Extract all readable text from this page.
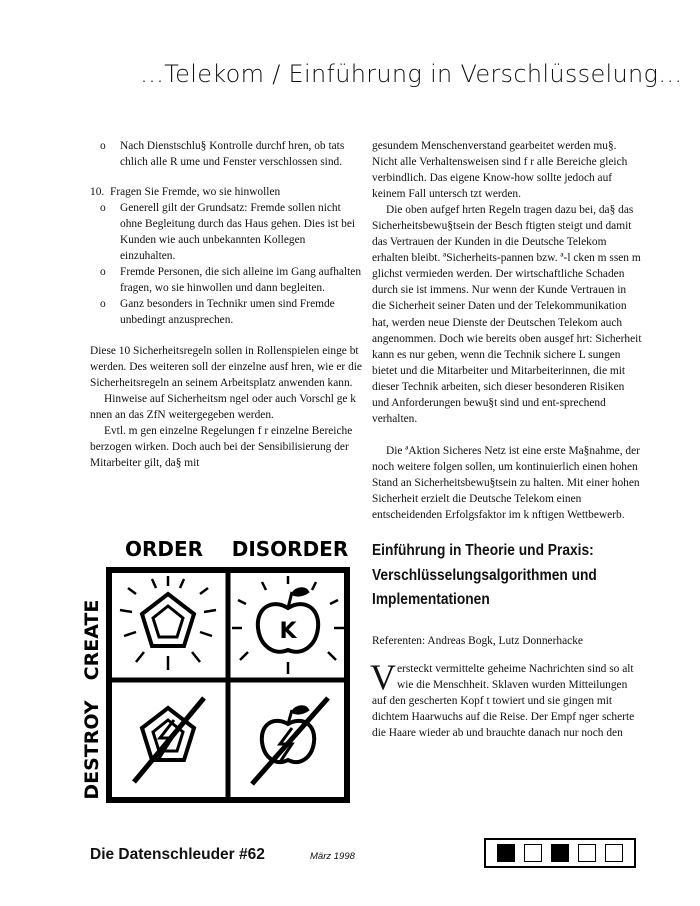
…Telekom / Einführung in Verschlüsselung…
o Nach Dienstschlu§ Kontrolle durchf hren, ob tats chlich alle R ume und Fenster verschlossen sind.
10. Fragen Sie Fremde, wo sie hinwollen
o Generell gilt der Grundsatz: Fremde sollen nicht ohne Begleitung durch das Haus gehen. Dies ist bei Kunden wie auch unbekannten Kollegen einzuhalten.
o Fremde Personen, die sich alleine im Gang aufhalten fragen, wo sie hinwollen und dann begleiten.
o Ganz besonders in Technikr umen sind Fremde unbedingt anzusprechen.

Diese 10 Sicherheitsregeln sollen in Rollenspielen einge bt werden. Des weiteren soll der einzelne ausf hren, wie er die Sicherheitsregeln an seinem Arbeitsplatz anwenden kann.

Hinweise auf Sicherheitsm ngel oder auch Vorschl ge k nnen an das ZfN weitergegeben werden.

Evtl. m gen einzelne Regelungen f r einzelne Bereiche berzogen wirken. Doch auch bei der Sensibilisierung der Mitarbeiter gilt, da§ mit

ORDER DISORDER
CREATE
DESTROY
K

gesundem Menschenverstand gearbeitet werden mu§. Nicht alle Verhaltensweisen sind f r alle Bereiche gleich verbindlich. Das eigene Know-how sollte jedoch auf keinem Fall untersch tzt werden.

Die oben aufgef hrten Regeln tragen dazu bei, da§ das Sicherheitsbewu§tsein der Besch ftigten steigt und damit das Vertrauen der Kunden in die Deutsche Telekom erhalten bleibt. ªSicherheits-pannen bzw. ª-l cken m ssen m glichst vermieden werden. Der wirtschaftliche Schaden durch sie ist immens. Nur wenn der Kunde Vertrauen in die Sicherheit seiner Daten und der Telekommunikation hat, werden neue Dienste der Deutschen Telekom auch angenommen. Doch wie bereits oben ausgef hrt: Sicherheit kann es nur geben, wenn die Technik sichere L sungen bietet und die Mitarbeiter und Mitarbeiterinnen, die mit dieser Technik arbeiten, sich dieser besonderen Risiken und Anforderungen bewu§t sind und ent-sprechend verhalten.

Die ªAktion Sicheres Netz ist eine erste Ma§nahme, der noch weitere folgen sollen, um kontinuierlich einen hohen Stand an Sicherheitsbewu§tsein zu halten. Mit einer hohen Sicherheit erzielt die Deutsche Telekom einen entscheidenden Erfolgsfaktor im k nftigen Wettbewerb.

Einführung in Theorie und Praxis: Verschlüsselungsalgorithmen und Implementationen

Referenten: Andreas Bogk, Lutz Donnerhacke

Versteckt vermittelte geheime Nachrichten sind so alt wie die Menschheit. Sklaven wurden Mitteilungen auf den gescherten Kopf t towiert und sie gingen mit dichtem Haarwuchs auf die Reise. Der Empf nger scherte die Haare wieder ab und brauchte danach nur noch den

Die Datenschleuder #62	März 1998
